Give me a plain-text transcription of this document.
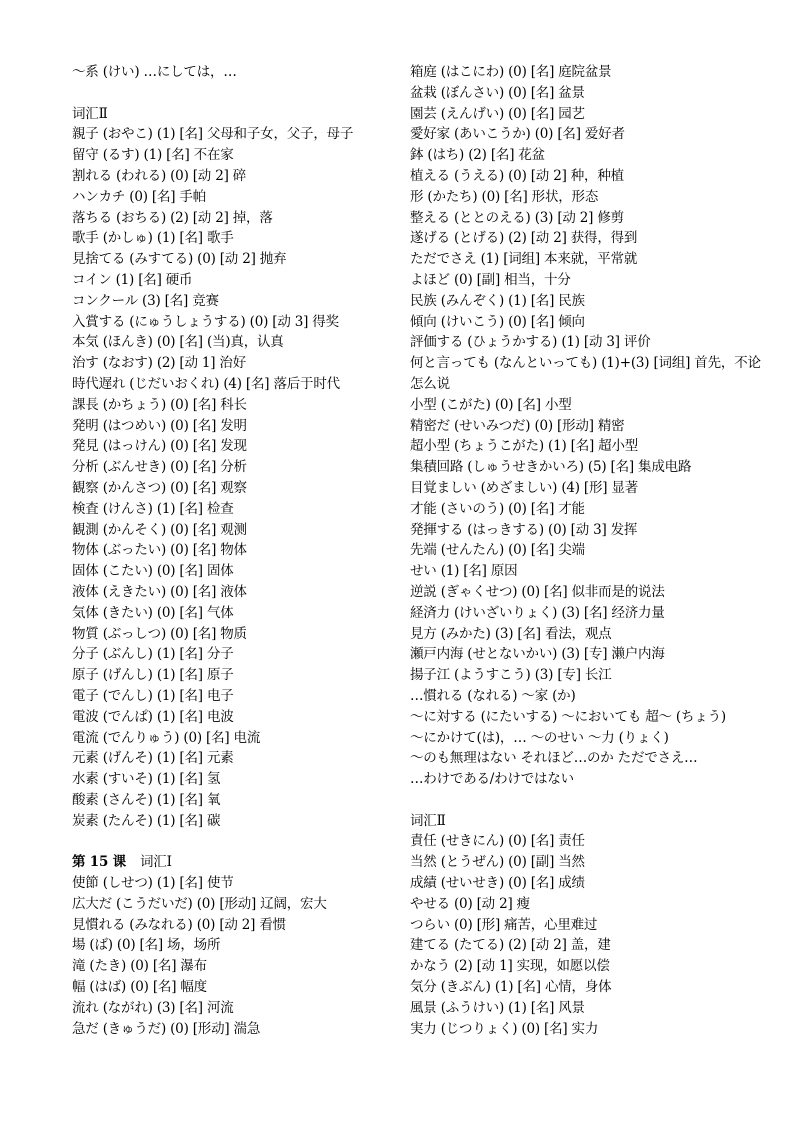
〜系 (けい) …にしては，…
词汇Ⅱ
親子 (おやこ) (1) [名] 父母和子女，父子，母子
留守 (るす) (1) [名] 不在家
割れる (われる) (0) [动 2] 碎
ハンカチ (0) [名] 手帕
落ちる (おちる) (2) [动 2] 掉，落
歌手 (かしゅ) (1) [名] 歌手
見捨てる (みすてる) (0) [动 2] 抛弃
コイン (1) [名] 硬币
コンクール (3) [名] 竞赛
入賞する (にゅうしょうする) (0) [动 3] 得奖
本気 (ほんき) (0) [名] (当)真，认真
治す (なおす) (2) [动 1] 治好
時代遅れ (じだいおくれ) (4) [名] 落后于时代
課長 (かちょう) (0) [名] 科长
発明 (はつめい) (0) [名] 发明
発見 (はっけん) (0) [名] 发现
分析 (ぶんせき) (0) [名] 分析
観察 (かんさつ) (0) [名] 观察
検査 (けんさ) (1) [名] 检查
観測 (かんそく) (0) [名] 观测
物体 (ぶったい) (0) [名] 物体
固体 (こたい) (0) [名] 固体
液体 (えきたい) (0) [名] 液体
気体 (きたい) (0) [名] 气体
物質 (ぶっしつ) (0) [名] 物质
分子 (ぶんし) (1) [名] 分子
原子 (げんし) (1) [名] 原子
電子 (でんし) (1) [名] 电子
電波 (でんぱ) (1) [名] 电波
電流 (でんりゅう) (0) [名] 电流
元素 (げんそ) (1) [名] 元素
水素 (すいそ) (1) [名] 氢
酸素 (さんそ) (1) [名] 氧
炭素 (たんそ) (1) [名] 碳
第 15 课 词汇Ⅰ
使節 (しせつ) (1) [名] 使节
広大だ (こうだいだ) (0) [形动] 辽阔，宏大
見慣れる (みなれる) (0) [动 2] 看惯
場 (ば) (0) [名] 场，场所
滝 (たき) (0) [名] 瀑布
幅 (はば) (0) [名] 幅度
流れ (ながれ) (3) [名] 河流
急だ (きゅうだ) (0) [形动] 湍急
箱庭 (はこにわ) (0) [名] 庭院盆景
盆栽 (ぼんさい) (0) [名] 盆景
園芸 (えんげい) (0) [名] 园艺
愛好家 (あいこうか) (0) [名] 爱好者
鉢 (はち) (2) [名] 花盆
植える (うえる) (0) [动 2] 种，种植
形 (かたち) (0) [名] 形状，形态
整える (ととのえる) (3) [动 2] 修剪
遂げる (とげる) (2) [动 2] 获得，得到
ただでさえ (1) [词组] 本来就，平常就
よほど (0) [副] 相当，十分
民族 (みんぞく) (1) [名] 民族
傾向 (けいこう) (0) [名] 倾向
評価する (ひょうかする) (1) [动 3] 评价
何と言っても (なんといっても) (1)+(3) [词组] 首先，不论怎么说
小型 (こがた) (0) [名] 小型
精密だ (せいみつだ) (0) [形动] 精密
超小型 (ちょうこがた) (1) [名] 超小型
集積回路 (しゅうせきかいろ) (5) [名] 集成电路
目覚ましい (めざましい) (4) [形] 显著
才能 (さいのう) (0) [名] 才能
発揮する (はっきする) (0) [动 3] 发挥
先端 (せんたん) (0) [名] 尖端
せい (1) [名] 原因
逆説 (ぎゃくせつ) (0) [名] 似非而是的说法
経済力 (けいざいりょく) (3) [名] 经济力量
見方 (みかた) (3) [名] 看法，观点
瀬戸内海 (せとないかい) (3) [专] 濑户内海
揚子江 (ようすこう) (3) [专] 长江
…慣れる (なれる) 〜家 (か)
〜に対する (にたいする) 〜においても 超〜 (ちょう)
〜にかけて(は)，… 〜のせい 〜力 (りょく)
〜のも無理はない それほど…のか ただでさえ…
…わけである/わけではない
词汇Ⅱ
責任 (せきにん) (0) [名] 责任
当然 (とうぜん) (0) [副] 当然
成績 (せいせき) (0) [名] 成绩
やせる (0) [动 2] 瘦
つらい (0) [形] 痛苦，心里难过
建てる (たてる) (2) [动 2] 盖，建
かなう (2) [动 1] 实现，如愿以偿
気分 (きぶん) (1) [名] 心情，身体
風景 (ふうけい) (1) [名] 风景
実力 (じつりょく) (0) [名] 实力
